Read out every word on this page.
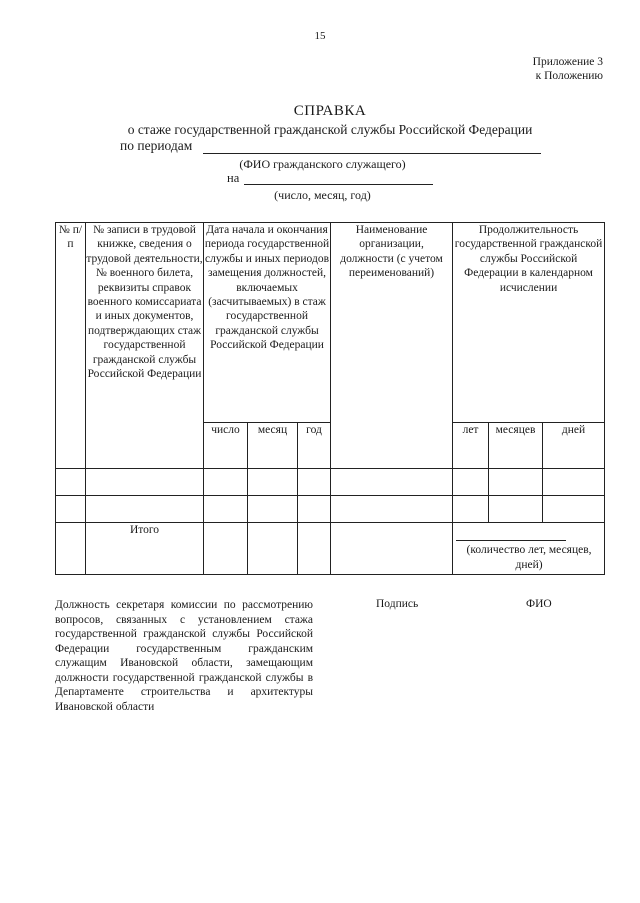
15
Приложение 3
к Положению
СПРАВКА
о стаже государственной гражданской службы Российской Федерации
по периодам
(ФИО гражданского служащего)
на
(число, месяц, год)
№ п/п	№ записи в трудовой книжке, сведения о трудовой деятельности, № военного билета, реквизиты справок военного комиссариата и иных документов, подтверждающих стаж государственной гражданской службы Российской Федерации	Дата начала и окончания периода государственной службы и иных периодов замещения должностей, включаемых (засчитываемых) в стаж государственной гражданской службы Российской Федерации			Наименование организации, должности (с учетом переименований)	Продолжительность государственной гражданской службы Российской Федерации в календарном исчислении		
		число	месяц	год		лет	месяцев	дней

	Итого					(количество лет, месяцев, дней)		
Должность секретаря комиссии по рассмотрению вопросов, связанных с установлением стажа государственной гражданской службы Российской Федерации государственным гражданским служащим Ивановской области, замещающим должности государственной гражданской службы в Департаменте строительства и архитектуры Ивановской области
Подпись	ФИО
